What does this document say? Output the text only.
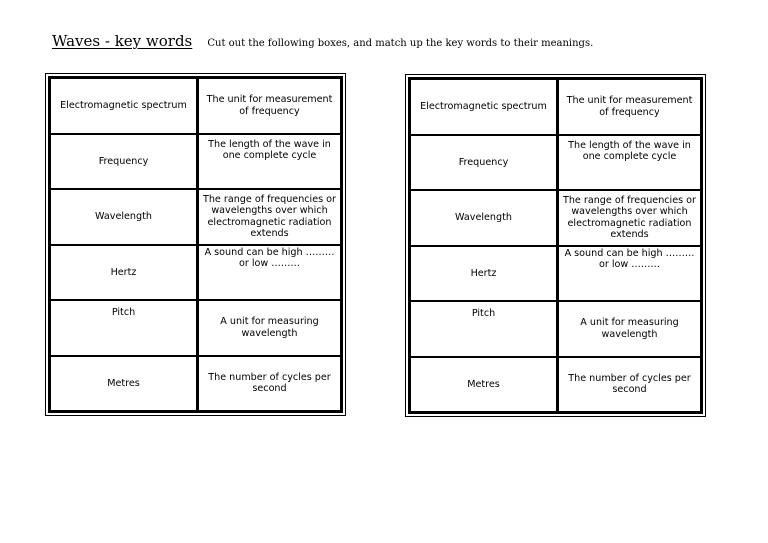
Waves - key words Cut out the following boxes, and match up the key words to their meanings.
Electromagnetic spectrum
The unit for measurement of frequency
Frequency
The length of the wave in one complete cycle
Wavelength
The range of frequencies or wavelengths over which electromagnetic radiation extends
Hertz
A sound can be high ……… or low ………
Pitch
A unit for measuring wavelength
Metres
The number of cycles per second
Electromagnetic spectrum
The unit for measurement of frequency
Frequency
The length of the wave in one complete cycle
Wavelength
The range of frequencies or wavelengths over which electromagnetic radiation extends
Hertz
A sound can be high ……… or low ………
Pitch
A unit for measuring wavelength
Metres
The number of cycles per second
